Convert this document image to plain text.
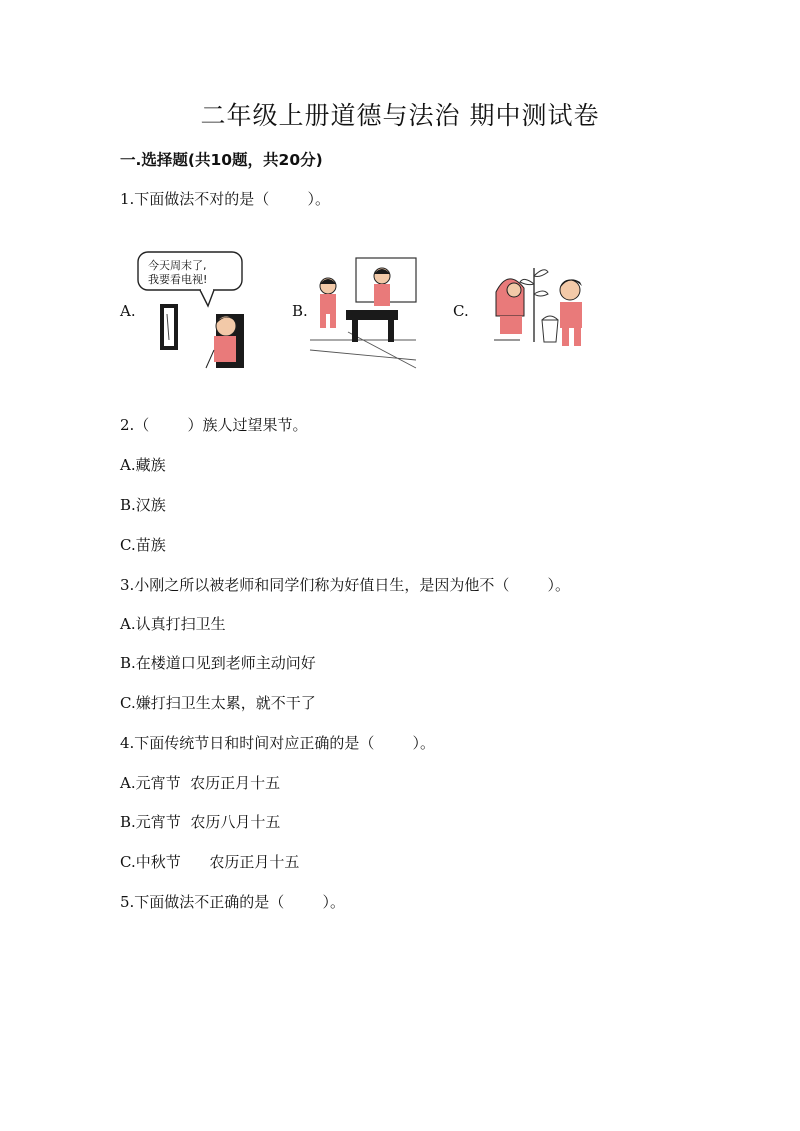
二年级上册道德与法治 期中测试卷
一.选择题(共10题，共20分)
1.下面做法不对的是（        ）。
A.
今天周末了,
我要看电视!
B.	C.
2.（        ）族人过望果节。
A.藏族
B.汉族
C.苗族
3.小刚之所以被老师和同学们称为好值日生，是因为他不（        ）。
A.认真打扫卫生
B.在楼道口见到老师主动问好
C.嫌打扫卫生太累，就不干了
4.下面传统节日和时间对应正确的是（        ）。
A.元宵节  农历正月十五
B.元宵节  农历八月十五
C.中秋节      农历正月十五
5.下面做法不正确的是（        ）。
